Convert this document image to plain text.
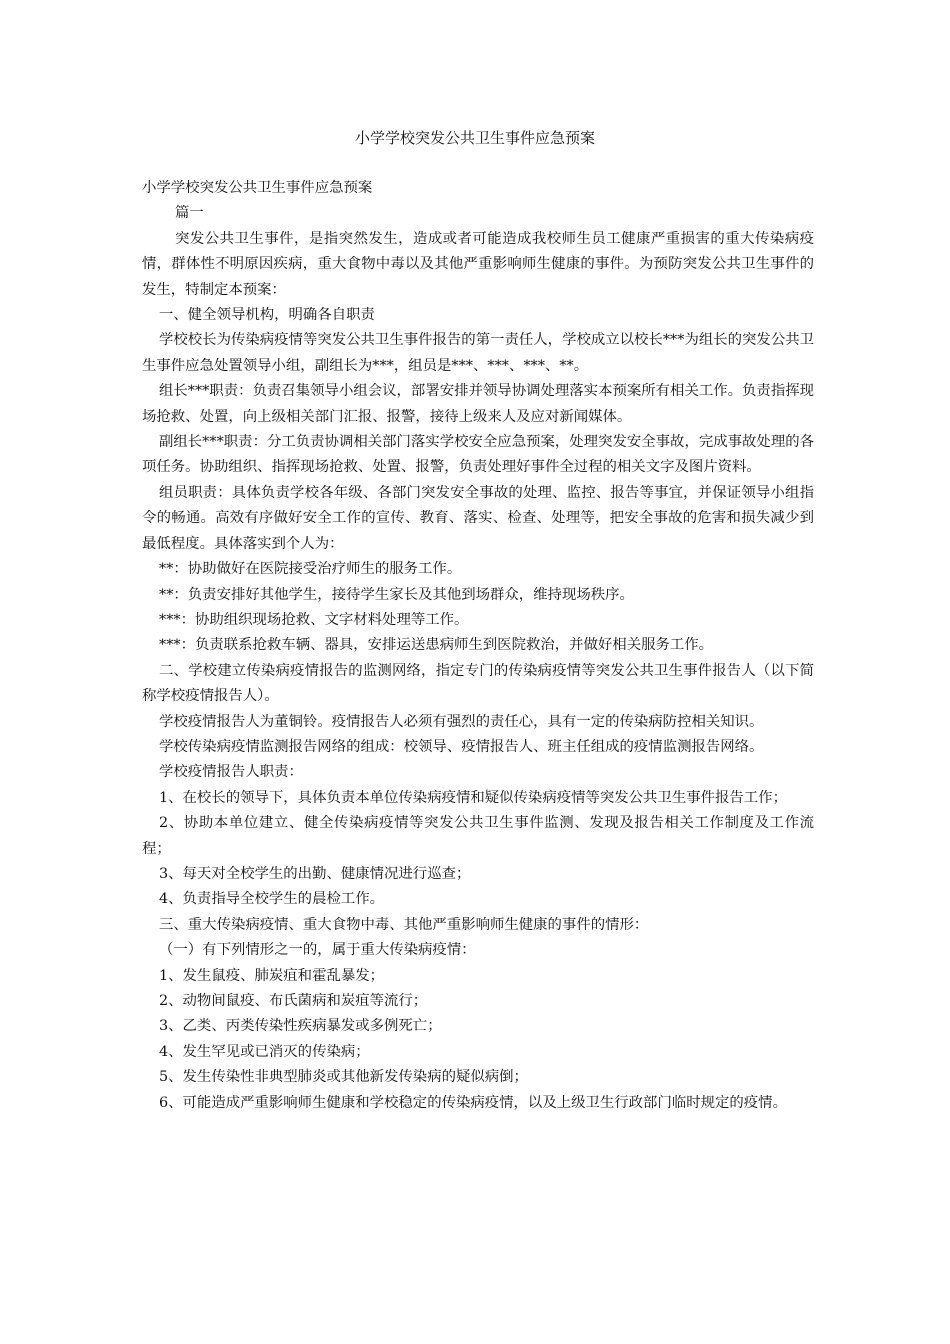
小学学校突发公共卫生事件应急预案

小学学校突发公共卫生事件应急预案

篇一

突发公共卫生事件，是指突然发生，造成或者可能造成我校师生员工健康严重损害的重大传染病疫情，群体性不明原因疾病，重大食物中毒以及其他严重影响师生健康的事件。为预防突发公共卫生事件的发生，特制定本预案：

一、健全领导机构，明确各自职责

学校校长为传染病疫情等突发公共卫生事件报告的第一责任人，学校成立以校长***为组长的突发公共卫生事件应急处置领导小组，副组长为***，组员是***、***、***、**。

组长***职责：负责召集领导小组会议，部署安排并领导协调处理落实本预案所有相关工作。负责指挥现场抢救、处置，向上级相关部门汇报、报警，接待上级来人及应对新闻媒体。

副组长***职责：分工负责协调相关部门落实学校安全应急预案，处理突发安全事故，完成事故处理的各项任务。协助组织、指挥现场抢救、处置、报警，负责处理好事件全过程的相关文字及图片资料。

组员职责：具体负责学校各年级、各部门突发安全事故的处理、监控、报告等事宜，并保证领导小组指令的畅通。高效有序做好安全工作的宣传、教育、落实、检查、处理等，把安全事故的危害和损失减少到最低程度。具体落实到个人为：

**：协助做好在医院接受治疗师生的服务工作。

**：负责安排好其他学生，接待学生家长及其他到场群众，维持现场秩序。

***：协助组织现场抢救、文字材料处理等工作。

***：负责联系抢救车辆、器具，安排运送患病师生到医院救治，并做好相关服务工作。

二、学校建立传染病疫情报告的监测网络，指定专门的传染病疫情等突发公共卫生事件报告人（以下简称学校疫情报告人）。

学校疫情报告人为董铜铃。疫情报告人必须有强烈的责任心，具有一定的传染病防控相关知识。

学校传染病疫情监测报告网络的组成：校领导、疫情报告人、班主任组成的疫情监测报告网络。

学校疫情报告人职责：

1、在校长的领导下，具体负责本单位传染病疫情和疑似传染病疫情等突发公共卫生事件报告工作；

2、协助本单位建立、健全传染病疫情等突发公共卫生事件监测、发现及报告相关工作制度及工作流程；

3、每天对全校学生的出勤、健康情况进行巡查；

4、负责指导全校学生的晨检工作。

三、重大传染病疫情、重大食物中毒、其他严重影响师生健康的事件的情形：

（一）有下列情形之一的，属于重大传染病疫情：

1、发生鼠疫、肺炭疽和霍乱暴发；

2、动物间鼠疫、布氏菌病和炭疽等流行；

3、乙类、丙类传染性疾病暴发或多例死亡；

4、发生罕见或已消灭的传染病；

5、发生传染性非典型肺炎或其他新发传染病的疑似病倒；

6、可能造成严重影响师生健康和学校稳定的传染病疫情，以及上级卫生行政部门临时规定的疫情。
